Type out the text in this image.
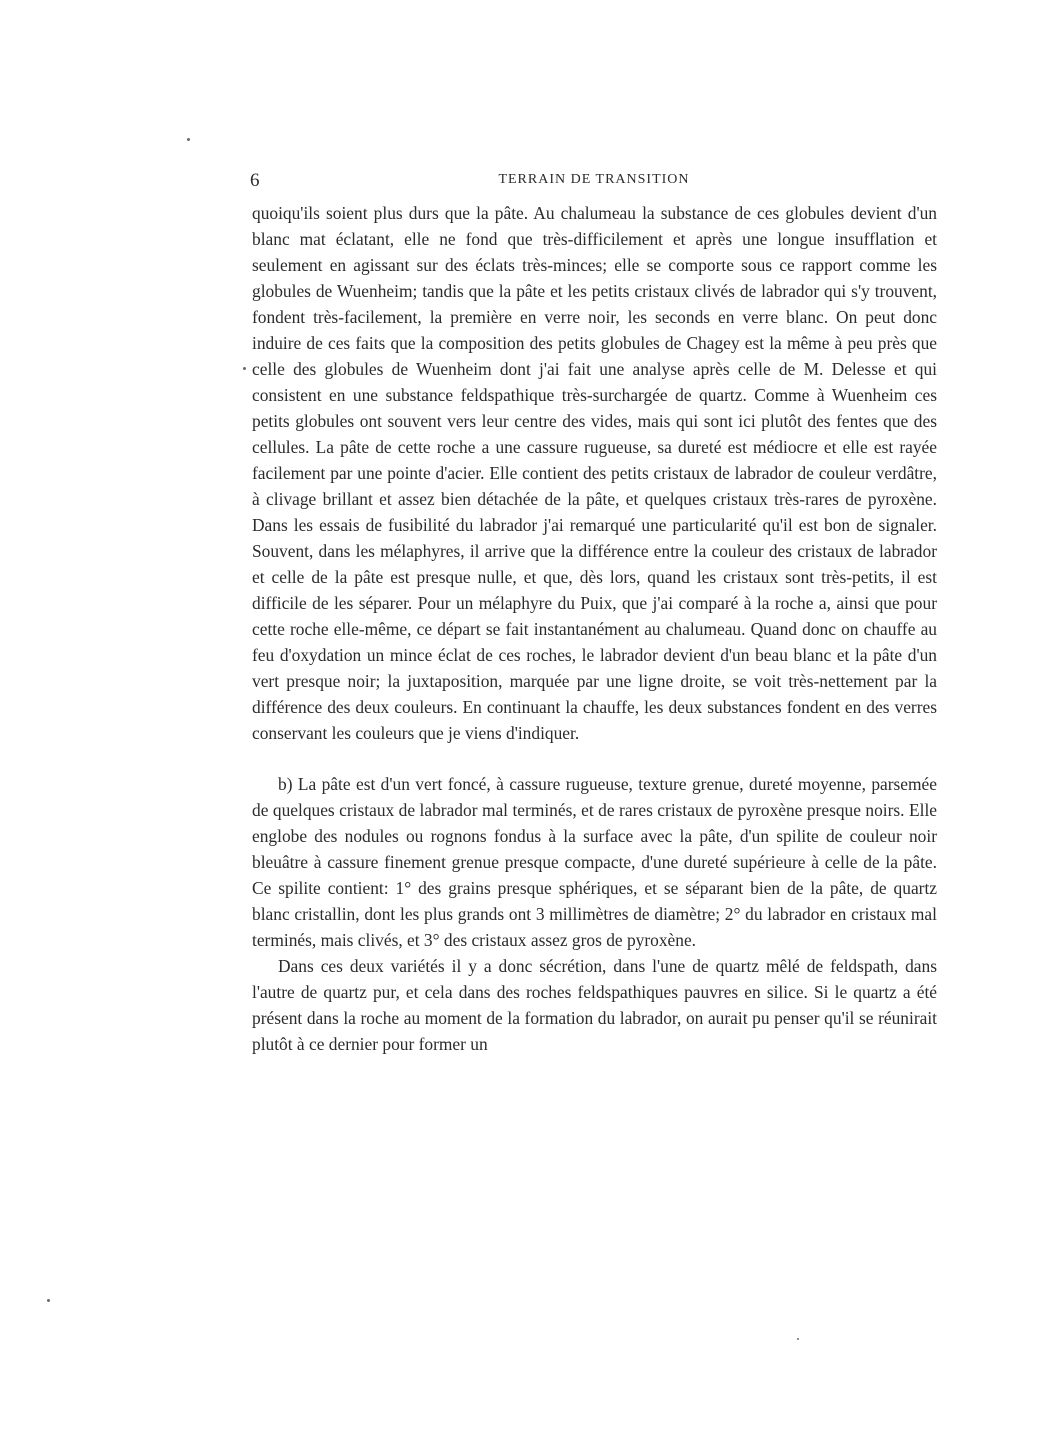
6	TERRAIN DE TRANSITION

quoiqu'ils soient plus durs que la pâte. Au chalumeau la substance de ces globules devient d'un blanc mat éclatant, elle ne fond que très-difficilement et après une longue insufflation et seulement en agissant sur des éclats très-minces; elle se comporte sous ce rapport comme les globules de Wuenheim; tandis que la pâte et les petits cristaux clivés de labrador qui s'y trouvent, fondent très-facilement, la première en verre noir, les seconds en verre blanc. On peut donc induire de ces faits que la composition des petits globules de Chagey est la même à peu près que celle des globules de Wuenheim dont j'ai fait une analyse après celle de M. Delesse et qui consistent en une substance feldspathique très-surchargée de quartz. Comme à Wuenheim ces petits globules ont souvent vers leur centre des vides, mais qui sont ici plutôt des fentes que des cellules. La pâte de cette roche a une cassure rugueuse, sa dureté est médiocre et elle est rayée facilement par une pointe d'acier. Elle contient des petits cristaux de labrador de couleur verdâtre, à clivage brillant et assez bien détachée de la pâte, et quelques cristaux très-rares de pyroxène. Dans les essais de fusibilité du labrador j'ai remarqué une particularité qu'il est bon de signaler. Souvent, dans les mélaphyres, il arrive que la différence entre la couleur des cristaux de labrador et celle de la pâte est presque nulle, et que, dès lors, quand les cristaux sont très-petits, il est difficile de les séparer. Pour un mélaphyre du Puix, que j'ai comparé à la roche a, ainsi que pour cette roche elle-même, ce départ se fait instantanément au chalumeau. Quand donc on chauffe au feu d'oxydation un mince éclat de ces roches, le labrador devient d'un beau blanc et la pâte d'un vert presque noir; la juxtaposition, marquée par une ligne droite, se voit très-nettement par la différence des deux couleurs. En continuant la chauffe, les deux substances fondent en des verres conservant les couleurs que je viens d'indiquer.

b) La pâte est d'un vert foncé, à cassure rugueuse, texture grenue, dureté moyenne, parsemée de quelques cristaux de labrador mal terminés, et de rares cristaux de pyroxène presque noirs. Elle englobe des nodules ou rognons fondus à la surface avec la pâte, d'un spilite de couleur noir bleuâtre à cassure finement grenue presque compacte, d'une dureté supérieure à celle de la pâte. Ce spilite contient: 1° des grains presque sphériques, et se séparant bien de la pâte, de quartz blanc cristallin, dont les plus grands ont 3 millimètres de diamètre; 2° du labrador en cristaux mal terminés, mais clivés, et 3° des cristaux assez gros de pyroxène.

Dans ces deux variétés il y a donc sécrétion, dans l'une de quartz mêlé de feldspath, dans l'autre de quartz pur, et cela dans des roches feldspathiques pauvres en silice. Si le quartz a été présent dans la roche au moment de la formation du labrador, on aurait pu penser qu'il se réunirait plutôt à ce dernier pour former un
